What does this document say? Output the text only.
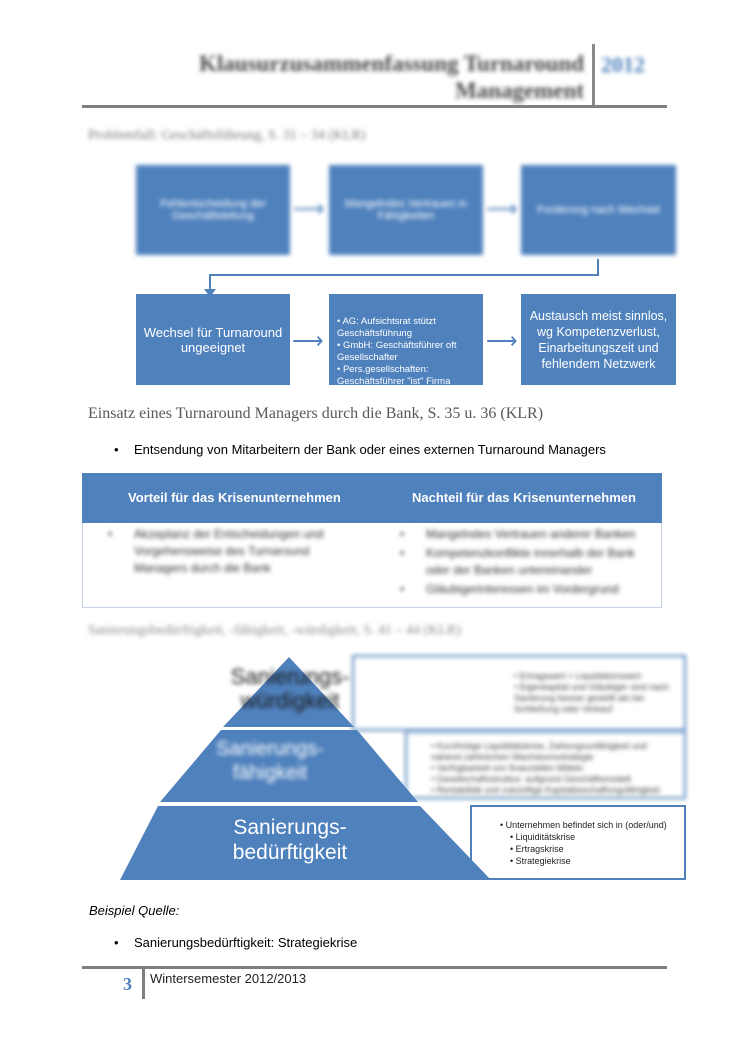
Klausurzusammenfassung Turnaround
Management
2012
Problemfall: Geschäftsführung, S. 31 – 34 (KLR)
Fehlentscheidung der Geschäftsleitung	⟶	Mangelndes Vertrauen in Fähigkeiten	⟶	Forderung nach Wechsel
Wechsel für Turnaround ungeeignet	⟶
• AG: Aufsichtsrat stützt Geschäftsführung
• GmbH: Geschäftsführer oft Gesellschafter
• Pers.gesellschaften: Geschäftsführer "ist" Firma
⟶
Austausch meist sinnlos, wg Kompetenzverlust, Einarbeitungszeit und fehlendem Netzwerk
Einsatz eines Turnaround Managers durch die Bank, S. 35 u. 36 (KLR)
• Entsendung von Mitarbeitern der Bank oder eines externen Turnaround Managers
Vorteil für das Krisenunternehmen	Nachteil für das Krisenunternehmen
• Akzeptanz der Entscheidungen und Vorgehensweise des Turnaround Managers durch die Bank
• Mangelndes Vertrauen anderer Banken
• Kompetenzkonflikte innerhalb der Bank oder der Banken untereinander
• Gläubigerinteressen im Vordergrund
Sanierungsbedürftigkeit, -fähigkeit, -würdigkeit, S. 41 – 44 (KLR)
• Ertragswert > Liquidationswert
• Eigenkapital und Gläubiger sind nach Sanierung besser gestellt als bei Schließung oder Verkauf
• Kurzfristige Liquiditätskrise, Zahlungsunfähigkeit und nahend zahlreichen Wachstumsstrategie
• Verfügbarkeit von finanziellen Mitteln
• Gesellschaftsstruktur: aufgrund Geschäftsmodell
• Rentabilität und zukünftige Kapitalbeschaffungsfähigkeit
• Unternehmen befindet sich in (oder/und)
• Liquiditätskrise
• Ertragskrise
• Strategiekrise
Sanierungs-würdigkeit
Sanierungs-fähigkeit
Sanierungs-bedürftigkeit
Beispiel Quelle:
• Sanierungsbedürftigkeit: Strategiekrise
3 Wintersemester 2012/2013
